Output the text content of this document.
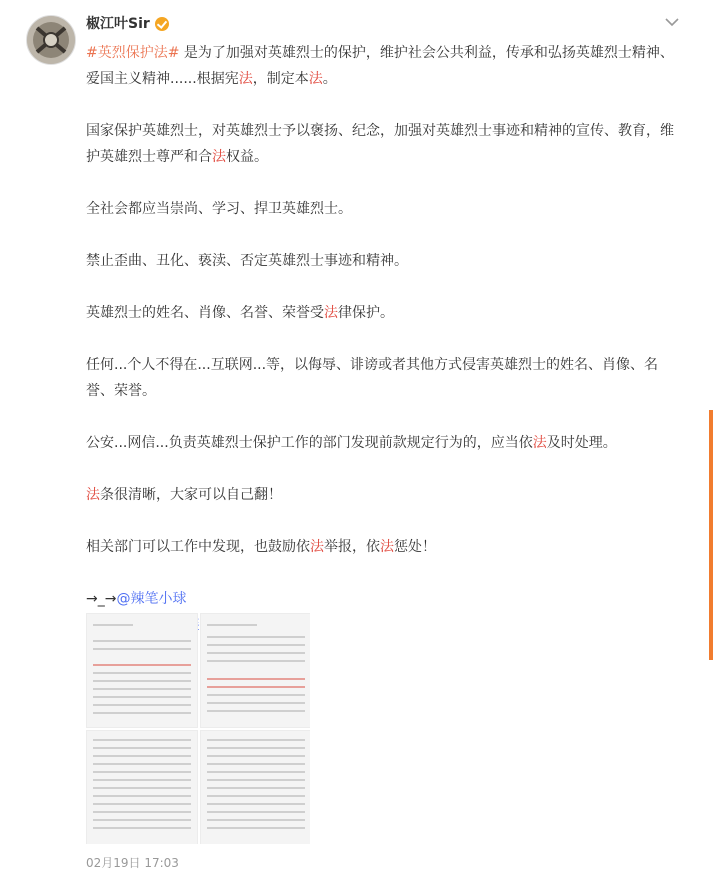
椒江叶Sir

#英烈保护法# 是为了加强对英雄烈士的保护，维护社会公共利益，传承和弘扬英雄烈士精神、爱国主义精神......根据宪法，制定本法。

国家保护英雄烈士，对英雄烈士予以褒扬、纪念，加强对英雄烈士事迹和精神的宣传、教育，维护英雄烈士尊严和合法权益。

全社会都应当崇尚、学习、捍卫英雄烈士。

禁止歪曲、丑化、亵渎、否定英雄烈士事迹和精神。

英雄烈士的姓名、肖像、名誉、荣誉受法律保护。

任何...个人不得在...互联网...等，以侮辱、诽谤或者其他方式侵害英雄烈士的姓名、肖像、名誉、荣誉。

公安...网信...负责英雄烈士保护工作的部门发现前款规定行为的，应当依法及时处理。

法条很清晰，大家可以自己翻！

相关部门可以工作中发现，也鼓励依法举报，依法惩处！

→_→@辣笔小球

02月19日 17:03
